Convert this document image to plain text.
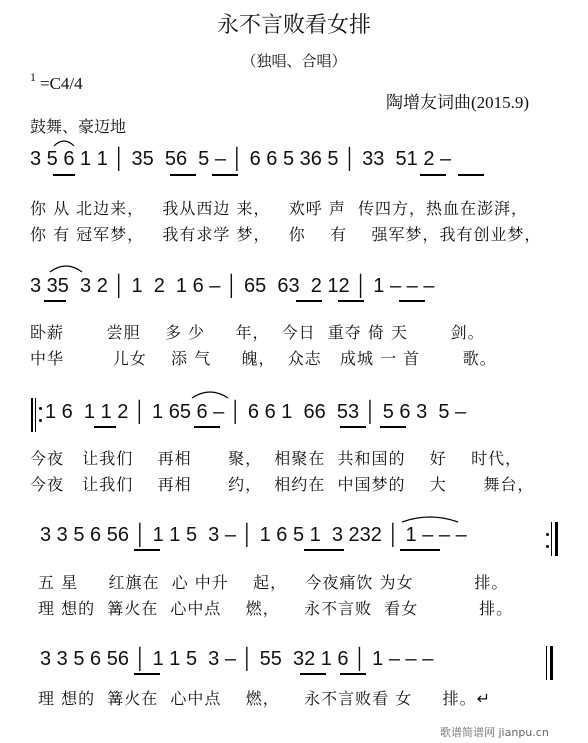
永不言败看女排
（独唱、合唱）
$^1$ =C4/4
陶增友词曲(2015.9)
鼓舞、豪迈地
3 5 6 1 1 │ 35  56  5 – │ 6 6 5 36 5 │ 33  51 2 –
你 从 北边来，   我从西边 来，   欢呼 声  传四方，热血在澎湃，
你 有 冠军梦，   我有求学 梦，   你    有    强军梦，我有创业梦，
3 35  3 2 │ 1  2  1 6 – │ 65  63  2 12 │ 1 – – –
卧薪       尝胆    多 少     年，  今日  重夺 倚 天       剑。
中华        儿女    添 气     魄，  众志   成城 一 首       歌。
1 6  1 1 2 │ 1 65 6 – │ 6 6 1  66  53 │ 5 6 3  5 –
今夜   让我们    再相      聚，  相聚在  共和国的    好    时代，
今夜   让我们    再相      约，  相约在  中国梦的    大      舞台，
3 3 5 6 56 │ 1 1 5  3 – │ 1 6 5 1  3 232 │ 1 – – –
五 星     红旗在  心 中升    起，   今夜痛饮 为女          排。
理 想的  篝火在  心中点    燃，    永不言败  看女          排。
3 3 5 6 56 │ 1 1 5  3 – │ 55  32 1 6 │ 1 – – –
理 想的  篝火在  心中点    燃，    永不言败看 女     排。↵
歌谱简谱网 jianpu.cn
